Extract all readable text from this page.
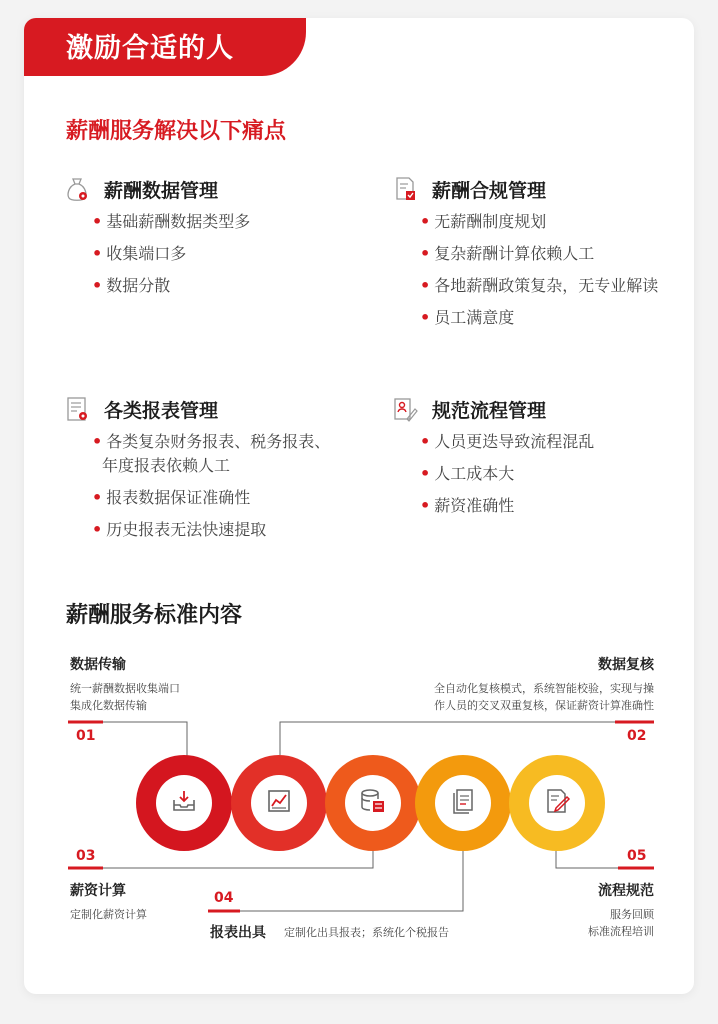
激励合适的人
薪酬服务解决以下痛点
薪酬数据管理
• 基础薪酬数据类型多
• 收集端口多
• 数据分散
薪酬合规管理
• 无薪酬制度规划
• 复杂薪酬计算依赖人工
• 各地薪酬政策复杂，无专业解读
• 员工满意度
各类报表管理
• 各类复杂财务报表、税务报表、年度报表依赖人工
• 报表数据保证准确性
• 历史报表无法快速提取
规范流程管理
• 人员更迭导致流程混乱
• 人工成本大
• 薪资准确性
薪酬服务标准内容
数据传输
统一薪酬数据收集端口
集成化数据传输
01
数据复核
全自动化复核模式，系统智能校验，实现与操
作人员的交叉双重复核，保证薪资计算准确性
02
03
薪资计算
定制化薪资计算
04
报表出具 定制化出具报表；系统化个税报告
05
流程规范
服务回顾
标准流程培训
